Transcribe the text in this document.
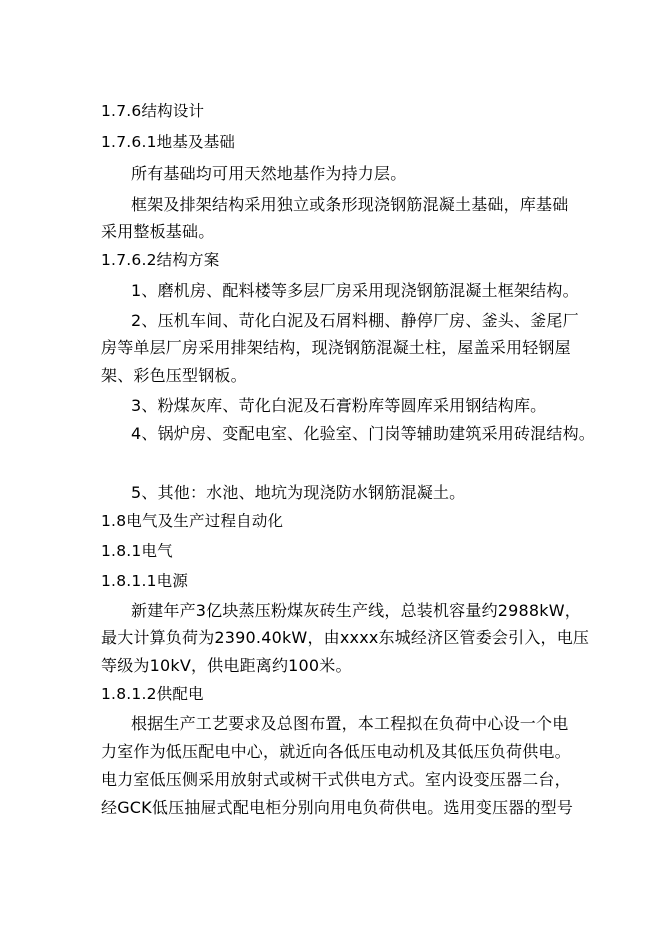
1.7.6结构设计
1.7.6.1地基及基础
所有基础均可用天然地基作为持力层。
框架及排架结构采用独立或条形现浇钢筋混凝土基础，库基础
采用整板基础。
1.7.6.2结构方案
1、磨机房、配料楼等多层厂房采用现浇钢筋混凝土框架结构。
2、压机车间、苛化白泥及石屑料棚、静停厂房、釜头、釜尾厂
房等单层厂房采用排架结构，现浇钢筋混凝土柱，屋盖采用轻钢屋
架、彩色压型钢板。
3、粉煤灰库、苛化白泥及石膏粉库等圆库采用钢结构库。
4、锅炉房、变配电室、化验室、门岗等辅助建筑采用砖混结构。
5、其他：水池、地坑为现浇防水钢筋混凝土。
1.8电气及生产过程自动化
1.8.1电气
1.8.1.1电源
新建年产3亿块蒸压粉煤灰砖生产线，总装机容量约2988kW，
最大计算负荷为2390.40kW，由xxxx东城经济区管委会引入，电压
等级为10kV，供电距离约100米。
1.8.1.2供配电
根据生产工艺要求及总图布置，本工程拟在负荷中心设一个电
力室作为低压配电中心，就近向各低压电动机及其低压负荷供电。
电力室低压侧采用放射式或树干式供电方式。室内设变压器二台，
经GCK低压抽屉式配电柜分别向用电负荷供电。选用变压器的型号
